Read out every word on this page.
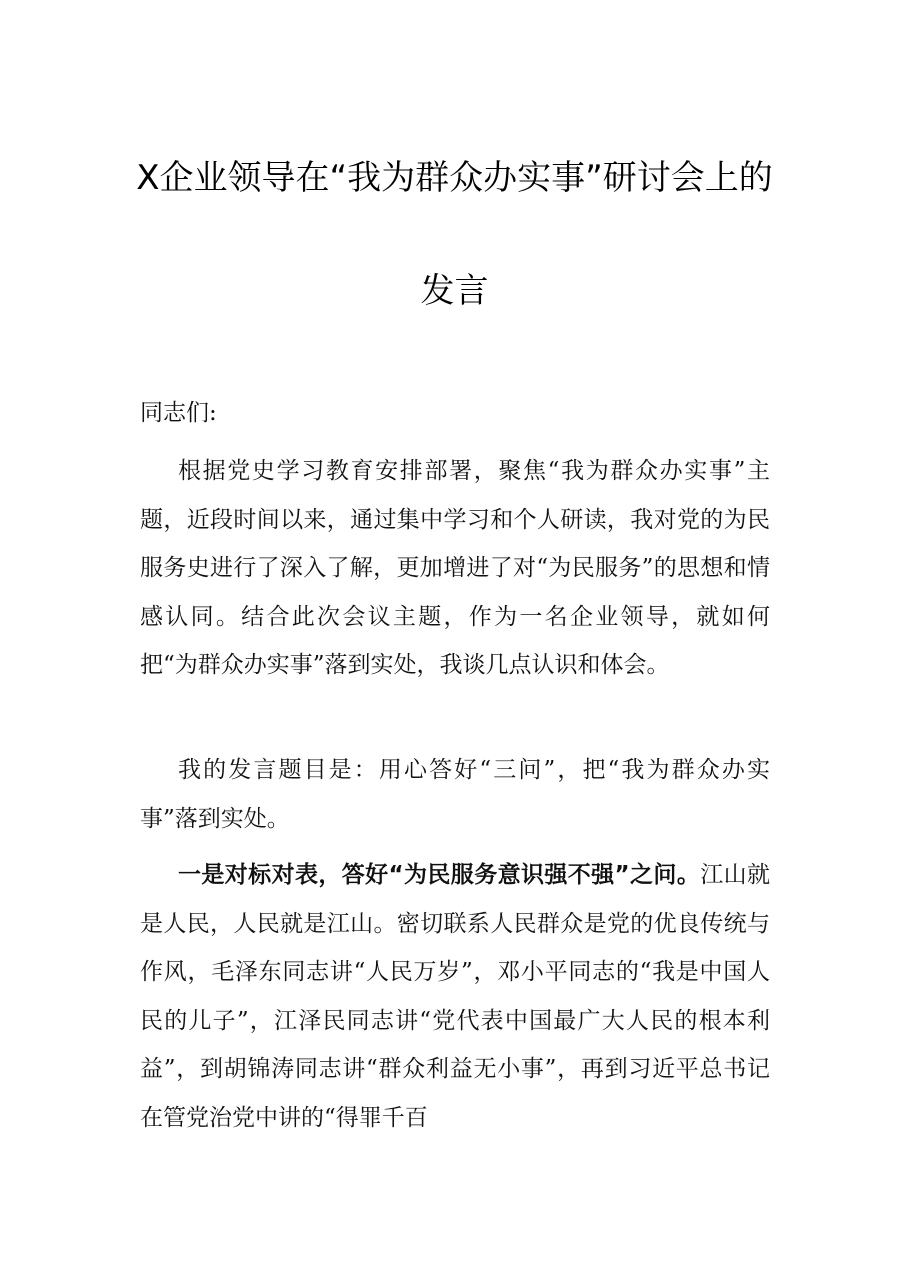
X企业领导在“我为群众办实事”研讨会上的
发言

同志们:

根据党史学习教育安排部署，聚焦“我为群众办实事”主题，近段时间以来，通过集中学习和个人研读，我对党的为民服务史进行了深入了解，更加增进了对“为民服务”的思想和情感认同。结合此次会议主题，作为一名企业领导，就如何把“为群众办实事”落到实处，我谈几点认识和体会。

我的发言题目是：用心答好“三问”，把“我为群众办实事”落到实处。

一是对标对表，答好“为民服务意识强不强”之问。江山就是人民，人民就是江山。密切联系人民群众是党的优良传统与作风，毛泽东同志讲“人民万岁”，邓小平同志的“我是中国人民的儿子”，江泽民同志讲“党代表中国最广大人民的根本利益”，到胡锦涛同志讲“群众利益无小事”，再到习近平总书记在管党治党中讲的“得罪千百
